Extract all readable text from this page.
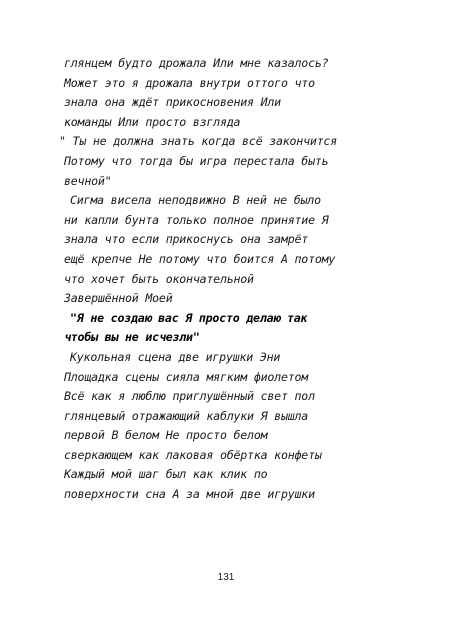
глянцем будто дрожала Или мне казалось?
Может это я дрожала внутри оттого что
знала она ждёт прикосновения Или
команды Или просто взгляда
" Ты не должна знать когда всё закончится
Потому что тогда бы игра перестала быть
вечной"
Сигма висела неподвижно В ней не было
ни капли бунта только полное принятие Я
знала что если прикоснусь она замрёт
ещё крепче Не потому что боится А потому
что хочет быть окончательной
Завершённой Моей
"Я не создаю вас Я просто делаю так
чтобы вы не исчезли"
Кукольная сцена две игрушки Эни
Площадка сцены сияла мягким фиолетом
Всё как я люблю приглушённый свет пол
глянцевый отражающий каблуки Я вышла
первой В белом Не просто белом
сверкающем как лаковая обёртка конфеты
Каждый мой шаг был как клик по
поверхности сна А за мной две игрушки
131
